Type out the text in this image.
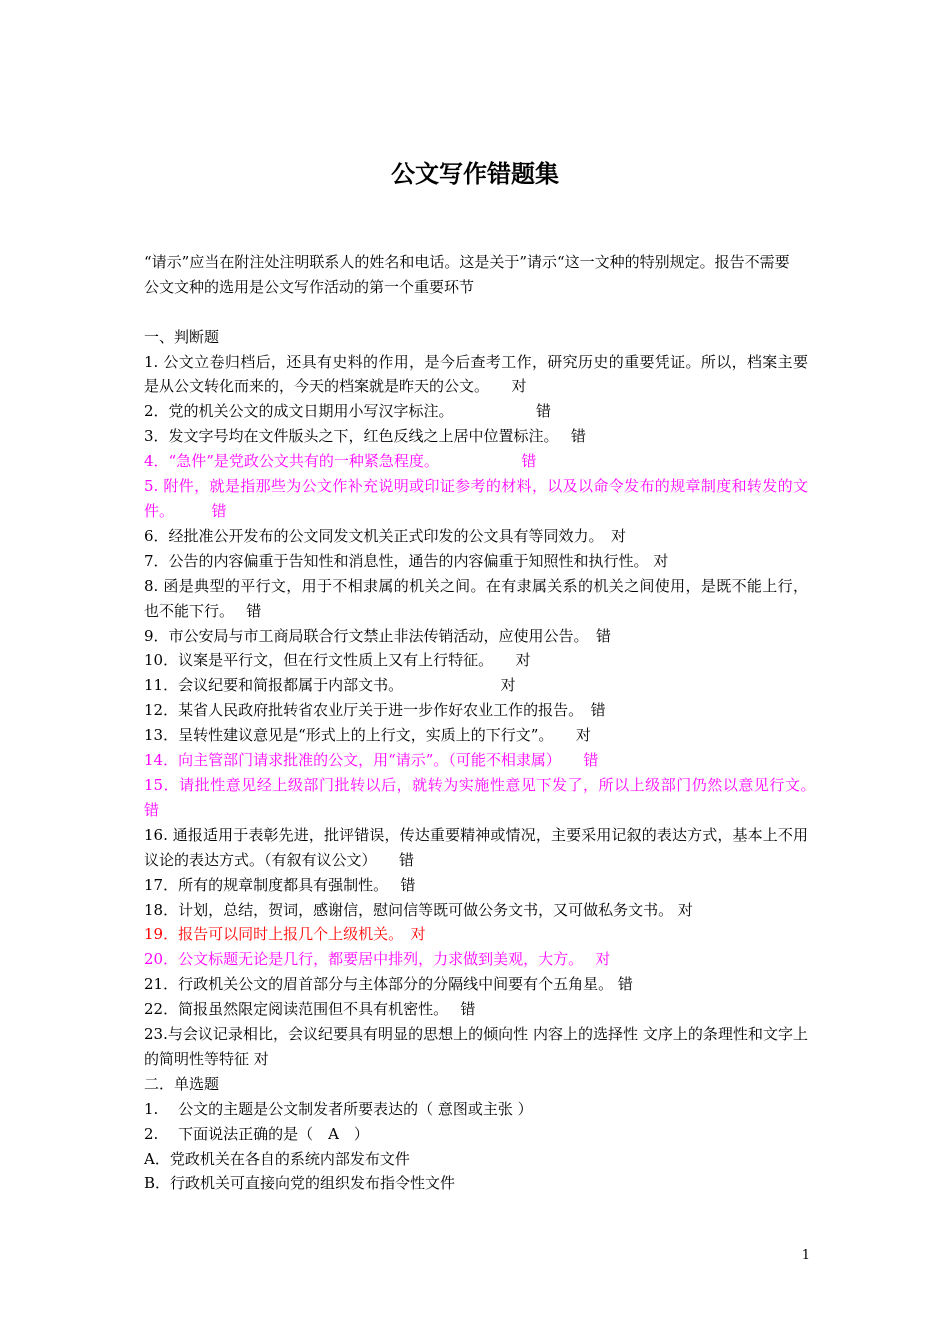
公文写作错题集
“请示”应当在附注处注明联系人的姓名和电话。这是关于”请示“这一文种的特别规定。报告不需要
公文文种的选用是公文写作活动的第一个重要环节
一、判断题
1. 公文立卷归档后，还具有史料的作用，是今后查考工作，研究历史的重要凭证。所以，档案主要是从公文转化而来的，今天的档案就是昨天的公文。　　对
2．党的机关公文的成文日期用小写汉字标注。　　　　　　错
3．发文字号均在文件版头之下，红色反线之上居中位置标注。　 错
4．“急件”是党政公文共有的一种紧急程度。　　　　　　错
5. 附件，就是指那些为公文作补充说明或印证参考的材料，以及以命令发布的规章制度和转发的文件。　　　错
6．经批准公开发布的公文同发文机关正式印发的公文具有等同效力。　对
7．公告的内容偏重于告知性和消息性，通告的内容偏重于知照性和执行性。 对
8. 函是典型的平行文，用于不相隶属的机关之间。在有隶属关系的机关之间使用，是既不能上行，也不能下行。　 错
9．市公安局与市工商局联合行文禁止非法传销活动，应使用公告。　错
10．议案是平行文，但在行文性质上又有上行特征。　　对
11．会议纪要和简报都属于内部文书。　　　　　　　对
12．某省人民政府批转省农业厅关于进一步作好农业工作的报告。　错
13．呈转性建议意见是“形式上的上行文，实质上的下行文”。　　对
14．向主管部门请求批准的公文，用“请示”。（可能不相隶属）　　错
15．请批性意见经上级部门批转以后，就转为实施性意见下发了，所以上级部门仍然以意见行文。　　错
16. 通报适用于表彰先进，批评错误，传达重要精神或情况，主要采用记叙的表达方式，基本上不用议论的表达方式。（有叙有议公文）　　错
17．所有的规章制度都具有强制性。　 错
18．计划，总结，贺词，感谢信，慰问信等既可做公务文书，又可做私务文书。 对
19．报告可以同时上报几个上级机关。　对
20．公文标题无论是几行，都要居中排列，力求做到美观，大方。　 对
21．行政机关公文的眉首部分与主体部分的分隔线中间要有个五角星。 错
22．简报虽然限定阅读范围但不具有机密性。　 错
23.与会议记录相比，会议纪要具有明显的思想上的倾向性 内容上的选择性 文序上的条理性和文字上的简明性等特征 对
二．单选题
1.　 公文的主题是公文制发者所要表达的（ 意图或主张 ）
2.　 下面说法正确的是（　A　）
A．党政机关在各自的系统内部发布文件
B．行政机关可直接向党的组织发布指令性文件
1
